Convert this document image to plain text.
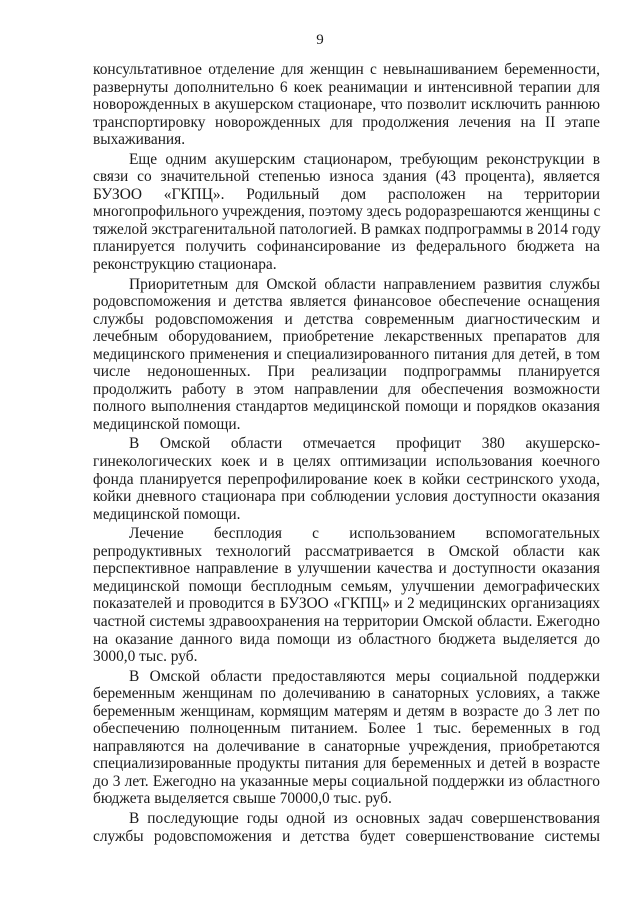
9
консультативное отделение для женщин с невынашиванием беременности,
развернуты дополнительно 6 коек реанимации и интенсивной терапии для
новорожденных в акушерском стационаре, что позволит исключить раннюю
транспортировку новорожденных для продолжения лечения на II этапе
выхаживания.
Еще одним акушерским стационаром, требующим реконструкции в
связи со значительной степенью износа здания (43 процента), является
БУЗОО «ГКПЦ». Родильный дом расположен на территории
многопрофильного учреждения, поэтому здесь родоразрешаются женщины с
тяжелой экстрагенитальной патологией. В рамках подпрограммы в 2014 году
планируется получить софинансирование из федерального бюджета на
реконструкцию стационара.
Приоритетным для Омской области направлением развития службы
родовспоможения и детства является финансовое обеспечение оснащения
службы родовспоможения и детства современным диагностическим и
лечебным оборудованием, приобретение лекарственных препаратов для
медицинского применения и специализированного питания для детей, в том
числе недоношенных. При реализации подпрограммы планируется
продолжить работу в этом направлении для обеспечения возможности
полного выполнения стандартов медицинской помощи и порядков оказания
медицинской помощи.
В Омской области отмечается профицит 380 акушерско-
гинекологических коек и в целях оптимизации использования коечного
фонда планируется перепрофилирование коек в койки сестринского ухода,
койки дневного стационара при соблюдении условия доступности оказания
медицинской помощи.
Лечение бесплодия с использованием вспомогательных
репродуктивных технологий рассматривается в Омской области как
перспективное направление в улучшении качества и доступности оказания
медицинской помощи бесплодным семьям, улучшении демографических
показателей и проводится в БУЗОО «ГКПЦ» и 2 медицинских организациях
частной системы здравоохранения на территории Омской области. Ежегодно
на оказание данного вида помощи из областного бюджета выделяется до
3000,0 тыс. руб.
В Омской области предоставляются меры социальной поддержки
беременным женщинам по долечиванию в санаторных условиях, а также
беременным женщинам, кормящим матерям и детям в возрасте до 3 лет по
обеспечению полноценным питанием. Более 1 тыс. беременных в год
направляются на долечивание в санаторные учреждения, приобретаются
специализированные продукты питания для беременных и детей в возрасте
до 3 лет. Ежегодно на указанные меры социальной поддержки из областного
бюджета выделяется свыше 70000,0 тыс. руб.
В последующие годы одной из основных задач совершенствования
службы родовспоможения и детства будет совершенствование системы
